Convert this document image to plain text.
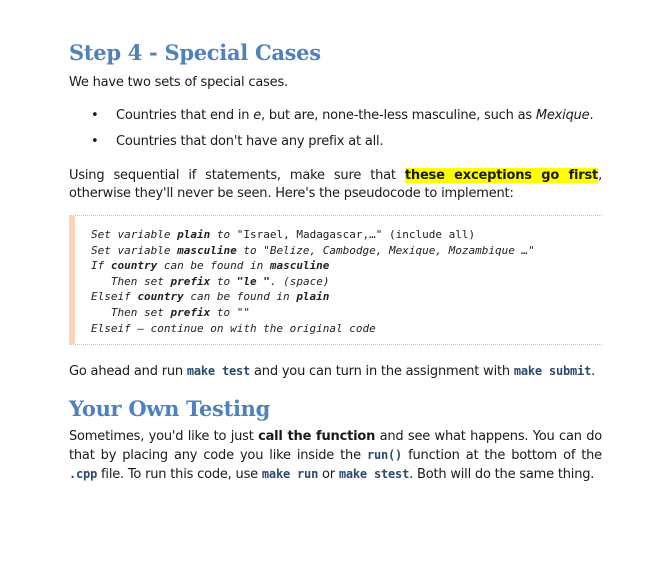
Step 4 - Special Cases

We have two sets of special cases.

• Countries that end in e, but are, none-the-less masculine, such as Mexique.
• Countries that don't have any prefix at all.

Using sequential if statements, make sure that these exceptions go first, otherwise they'll never be seen. Here's the pseudocode to implement:

Set variable plain to "Israel, Madagascar,…" (include all)
Set variable masculine to "Belize, Cambodge, Mexique, Mozambique …"
If country can be found in masculine
Then set prefix to "le ". (space)
Elseif country can be found in plain
Then set prefix to ""
Elseif – continue on with the original code

Go ahead and run make test and you can turn in the assignment with make submit.

Your Own Testing

Sometimes, you'd like to just call the function and see what happens. You can do that by placing any code you like inside the run() function at the bottom of the .cpp file. To run this code, use make run or make stest. Both will do the same thing.
